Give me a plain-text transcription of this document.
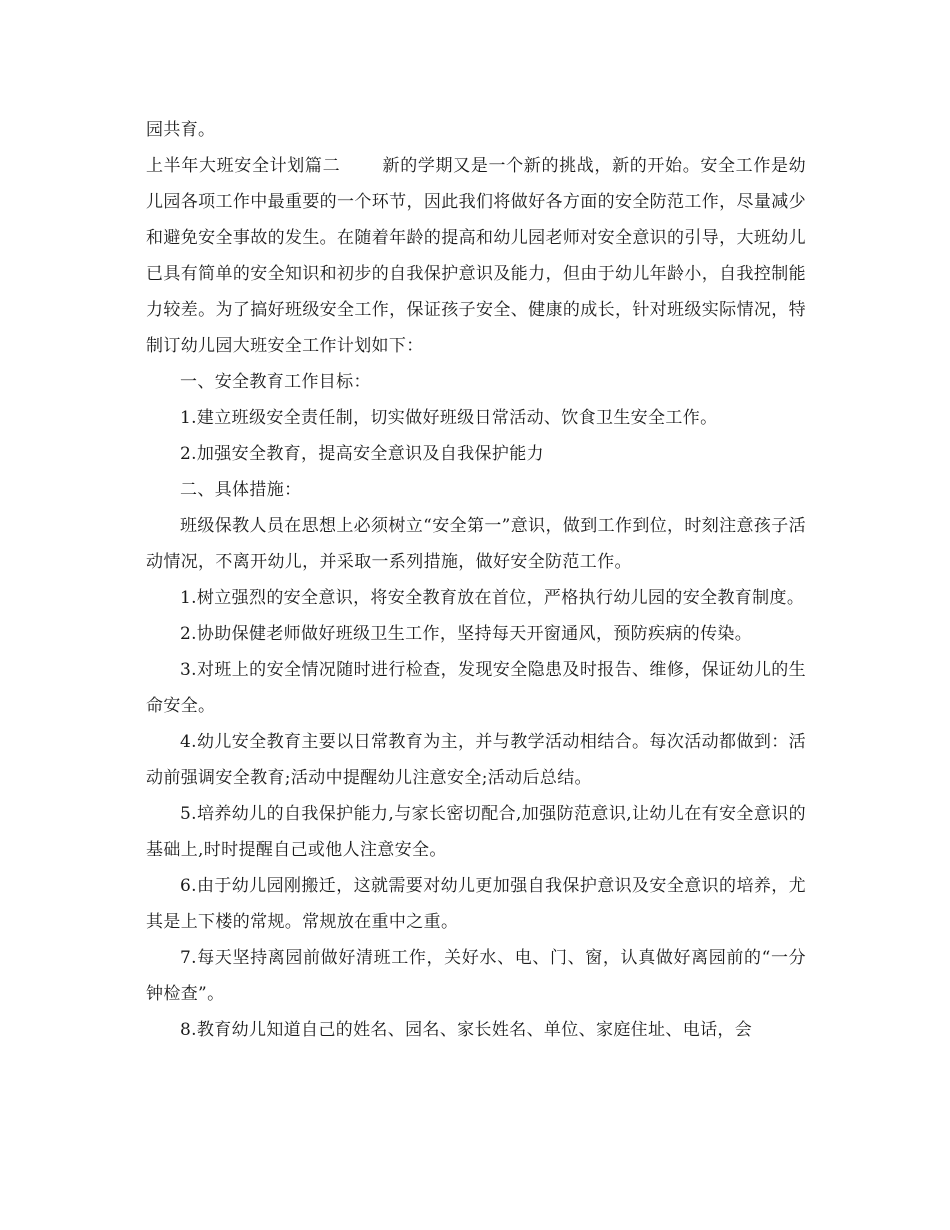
园共育。

上半年大班安全计划篇二 新的学期又是一个新的挑战，新的开始。安全工作是幼儿园各项工作中最重要的一个环节，因此我们将做好各方面的安全防范工作，尽量减少和避免安全事故的发生。在随着年龄的提高和幼儿园老师对安全意识的引导，大班幼儿已具有简单的安全知识和初步的自我保护意识及能力，但由于幼儿年龄小，自我控制能力较差。为了搞好班级安全工作，保证孩子安全、健康的成长，针对班级实际情况，特制订幼儿园大班安全工作计划如下：

一、安全教育工作目标：

1.建立班级安全责任制，切实做好班级日常活动、饮食卫生安全工作。

2.加强安全教育，提高安全意识及自我保护能力

二、具体措施：

班级保教人员在思想上必须树立“安全第一”意识，做到工作到位，时刻注意孩子活动情况，不离开幼儿，并采取一系列措施，做好安全防范工作。

1.树立强烈的安全意识，将安全教育放在首位，严格执行幼儿园的安全教育制度。

2.协助保健老师做好班级卫生工作，坚持每天开窗通风，预防疾病的传染。

3.对班上的安全情况随时进行检查，发现安全隐患及时报告、维修，保证幼儿的生命安全。

4.幼儿安全教育主要以日常教育为主，并与教学活动相结合。每次活动都做到：活动前强调安全教育;活动中提醒幼儿注意安全;活动后总结。

5.培养幼儿的自我保护能力,与家长密切配合,加强防范意识,让幼儿在有安全意识的基础上,时时提醒自己或他人注意安全。

6.由于幼儿园刚搬迁，这就需要对幼儿更加强自我保护意识及安全意识的培养，尤其是上下楼的常规。常规放在重中之重。

7.每天坚持离园前做好清班工作，关好水、电、门、窗，认真做好离园前的“一分钟检查”。

8.教育幼儿知道自己的姓名、园名、家长姓名、单位、家庭住址、电话，会
